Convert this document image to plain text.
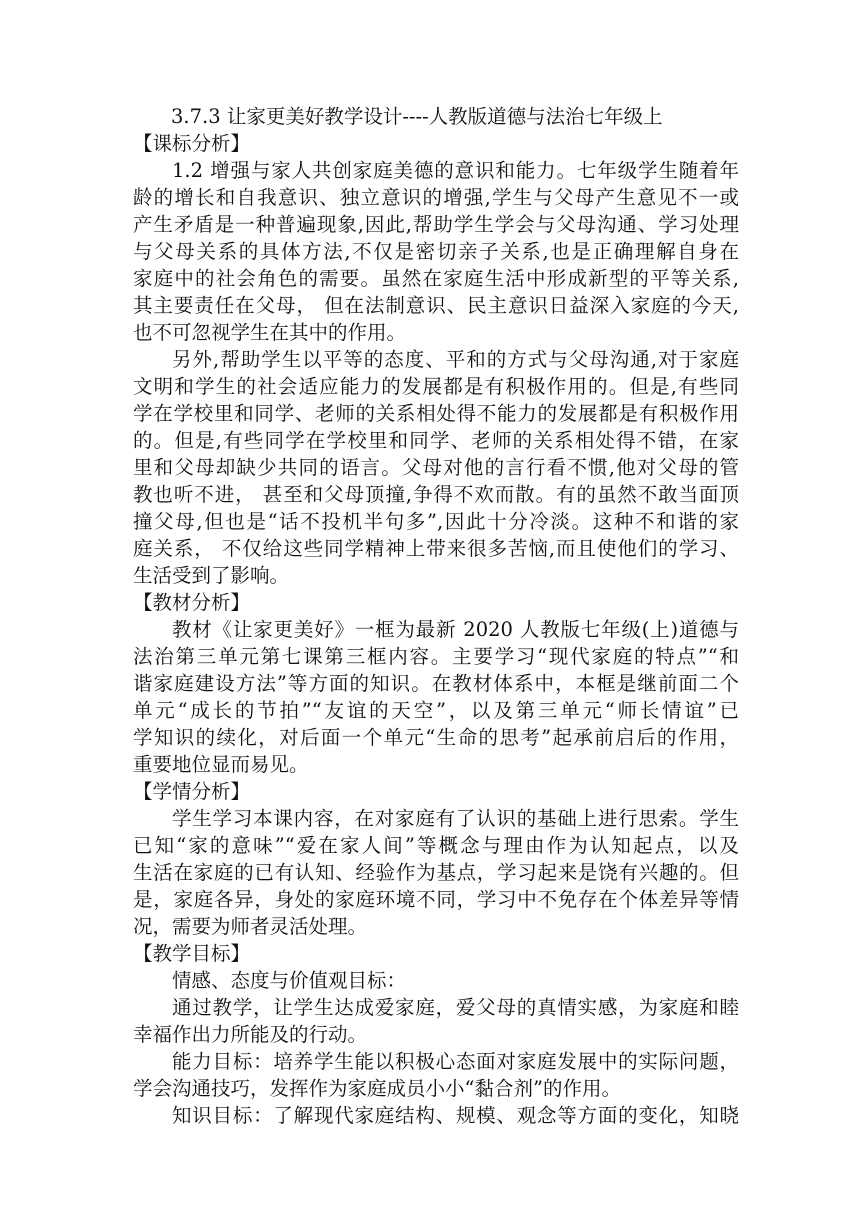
3.7.3 让家更美好教学设计----人教版道德与法治七年级上
【课标分析】
1.2 增强与家人共创家庭美德的意识和能力。七年级学生随着年
龄的增长和自我意识、独立意识的增强,学生与父母产生意见不一或
产生矛盾是一种普遍现象,因此,帮助学生学会与父母沟通、学习处理
与父母关系的具体方法,不仅是密切亲子关系,也是正确理解自身在
家庭中的社会角色的需要。虽然在家庭生活中形成新型的平等关系,
其主要责任在父母， 但在法制意识、民主意识日益深入家庭的今天,
也不可忽视学生在其中的作用。
另外,帮助学生以平等的态度、平和的方式与父母沟通,对于家庭
文明和学生的社会适应能力的发展都是有积极作用的。但是,有些同
学在学校里和同学、老师的关系相处得不能力的发展都是有积极作用
的。但是,有些同学在学校里和同学、老师的关系相处得不错，在家
里和父母却缺少共同的语言。父母对他的言行看不惯,他对父母的管
教也听不进， 甚至和父母顶撞,争得不欢而散。有的虽然不敢当面顶
撞父母,但也是“话不投机半句多”,因此十分冷淡。这种不和谐的家
庭关系， 不仅给这些同学精神上带来很多苦恼,而且使他们的学习、
生活受到了影响。
【教材分析】
教材《让家更美好》一框为最新 2020 人教版七年级(上)道德与
法治第三单元第七课第三框内容。主要学习“现代家庭的特点”“和
谐家庭建设方法”等方面的知识。在教材体系中，本框是继前面二个
单元“成长的节拍”“友谊的天空”，以及第三单元“师长情谊”已
学知识的续化，对后面一个单元“生命的思考”起承前启后的作用，
重要地位显而易见。
【学情分析】
学生学习本课内容，在对家庭有了认识的基础上进行思索。学生
已知“家的意味”“爱在家人间”等概念与理由作为认知起点，以及
生活在家庭的已有认知、经验作为基点，学习起来是饶有兴趣的。但
是，家庭各异，身处的家庭环境不同，学习中不免存在个体差异等情
况，需要为师者灵活处理。
【教学目标】
情感、态度与价值观目标：
通过教学，让学生达成爱家庭，爱父母的真情实感，为家庭和睦
幸福作出力所能及的行动。
能力目标：培养学生能以积极心态面对家庭发展中的实际问题，
学会沟通技巧，发挥作为家庭成员小小“黏合剂”的作用。
知识目标：了解现代家庭结构、规模、观念等方面的变化，知晓
